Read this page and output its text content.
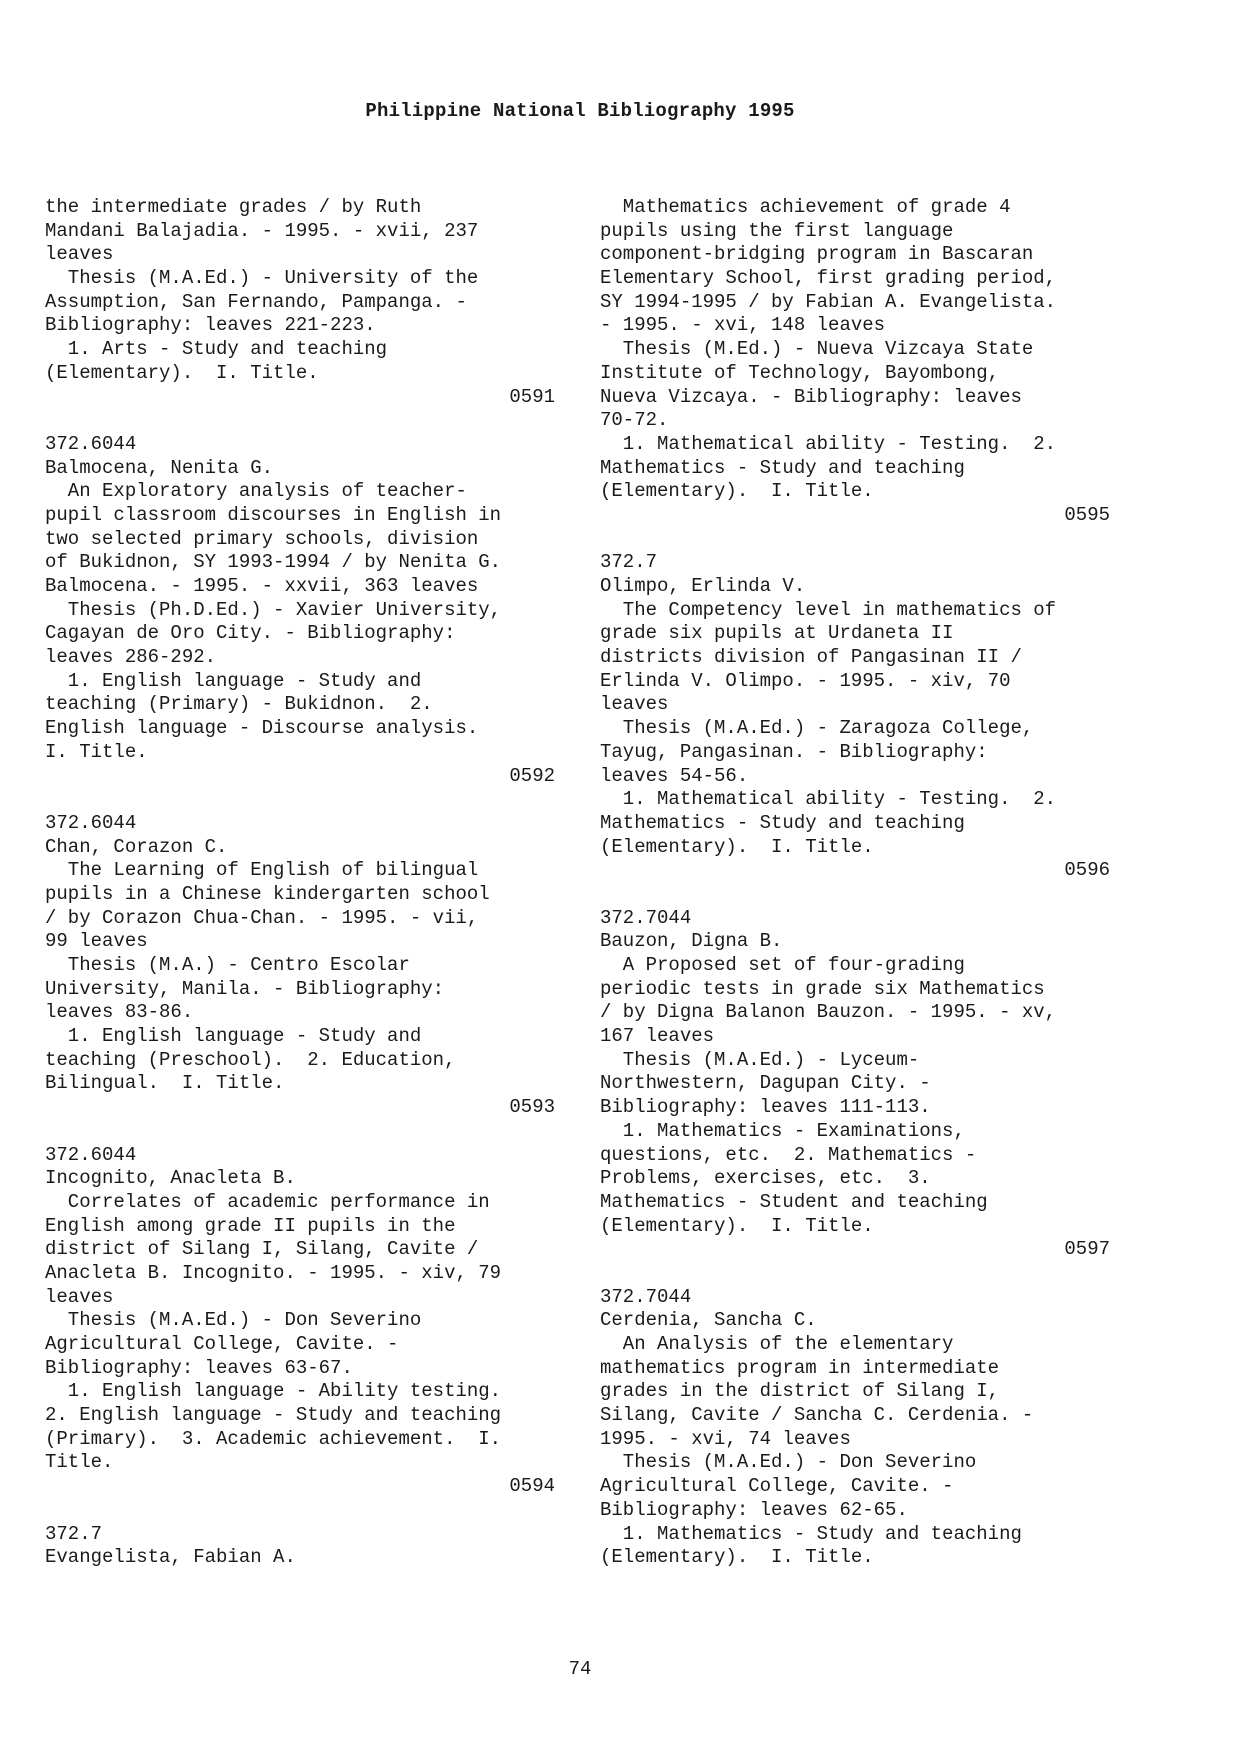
Philippine National Bibliography 1995
the intermediate grades / by Ruth
Mandani Balajadia. - 1995. - xvii, 237
leaves
Thesis (M.A.Ed.) - University of the
Assumption, San Fernando, Pampanga. -
Bibliography: leaves 221-223.
1. Arts - Study and teaching
(Elementary).  I. Title.
0591
372.6044
Balmocena, Nenita G.
An Exploratory analysis of teacher-
pupil classroom discourses in English in
two selected primary schools, division
of Bukidnon, SY 1993-1994 / by Nenita G.
Balmocena. - 1995. - xxvii, 363 leaves
Thesis (Ph.D.Ed.) - Xavier University,
Cagayan de Oro City. - Bibliography:
leaves 286-292.
1. English language - Study and
teaching (Primary) - Bukidnon.  2.
English language - Discourse analysis.
I. Title.
0592
372.6044
Chan, Corazon C.
The Learning of English of bilingual
pupils in a Chinese kindergarten school
/ by Corazon Chua-Chan. - 1995. - vii,
99 leaves
Thesis (M.A.) - Centro Escolar
University, Manila. - Bibliography:
leaves 83-86.
1. English language - Study and
teaching (Preschool).  2. Education,
Bilingual.  I. Title.
0593
372.6044
Incognito, Anacleta B.
Correlates of academic performance in
English among grade II pupils in the
district of Silang I, Silang, Cavite /
Anacleta B. Incognito. - 1995. - xiv, 79
leaves
Thesis (M.A.Ed.) - Don Severino
Agricultural College, Cavite. -
Bibliography: leaves 63-67.
1. English language - Ability testing.
2. English language - Study and teaching
(Primary).  3. Academic achievement.  I.
Title.
0594
372.7
Evangelista, Fabian A.
Mathematics achievement of grade 4
pupils using the first language
component-bridging program in Bascaran
Elementary School, first grading period,
SY 1994-1995 / by Fabian A. Evangelista.
- 1995. - xvi, 148 leaves
Thesis (M.Ed.) - Nueva Vizcaya State
Institute of Technology, Bayombong,
Nueva Vizcaya. - Bibliography: leaves
70-72.
1. Mathematical ability - Testing.  2.
Mathematics - Study and teaching
(Elementary).  I. Title.
0595
372.7
Olimpo, Erlinda V.
The Competency level in mathematics of
grade six pupils at Urdaneta II
districts division of Pangasinan II /
Erlinda V. Olimpo. - 1995. - xiv, 70
leaves
Thesis (M.A.Ed.) - Zaragoza College,
Tayug, Pangasinan. - Bibliography:
leaves 54-56.
1. Mathematical ability - Testing.  2.
Mathematics - Study and teaching
(Elementary).  I. Title.
0596
372.7044
Bauzon, Digna B.
A Proposed set of four-grading
periodic tests in grade six Mathematics
/ by Digna Balanon Bauzon. - 1995. - xv,
167 leaves
Thesis (M.A.Ed.) - Lyceum-
Northwestern, Dagupan City. -
Bibliography: leaves 111-113.
1. Mathematics - Examinations,
questions, etc.  2. Mathematics -
Problems, exercises, etc.  3.
Mathematics - Student and teaching
(Elementary).  I. Title.
0597
372.7044
Cerdenia, Sancha C.
An Analysis of the elementary
mathematics program in intermediate
grades in the district of Silang I,
Silang, Cavite / Sancha C. Cerdenia. -
1995. - xvi, 74 leaves
Thesis (M.A.Ed.) - Don Severino
Agricultural College, Cavite. -
Bibliography: leaves 62-65.
1. Mathematics - Study and teaching
(Elementary).  I. Title.
74
